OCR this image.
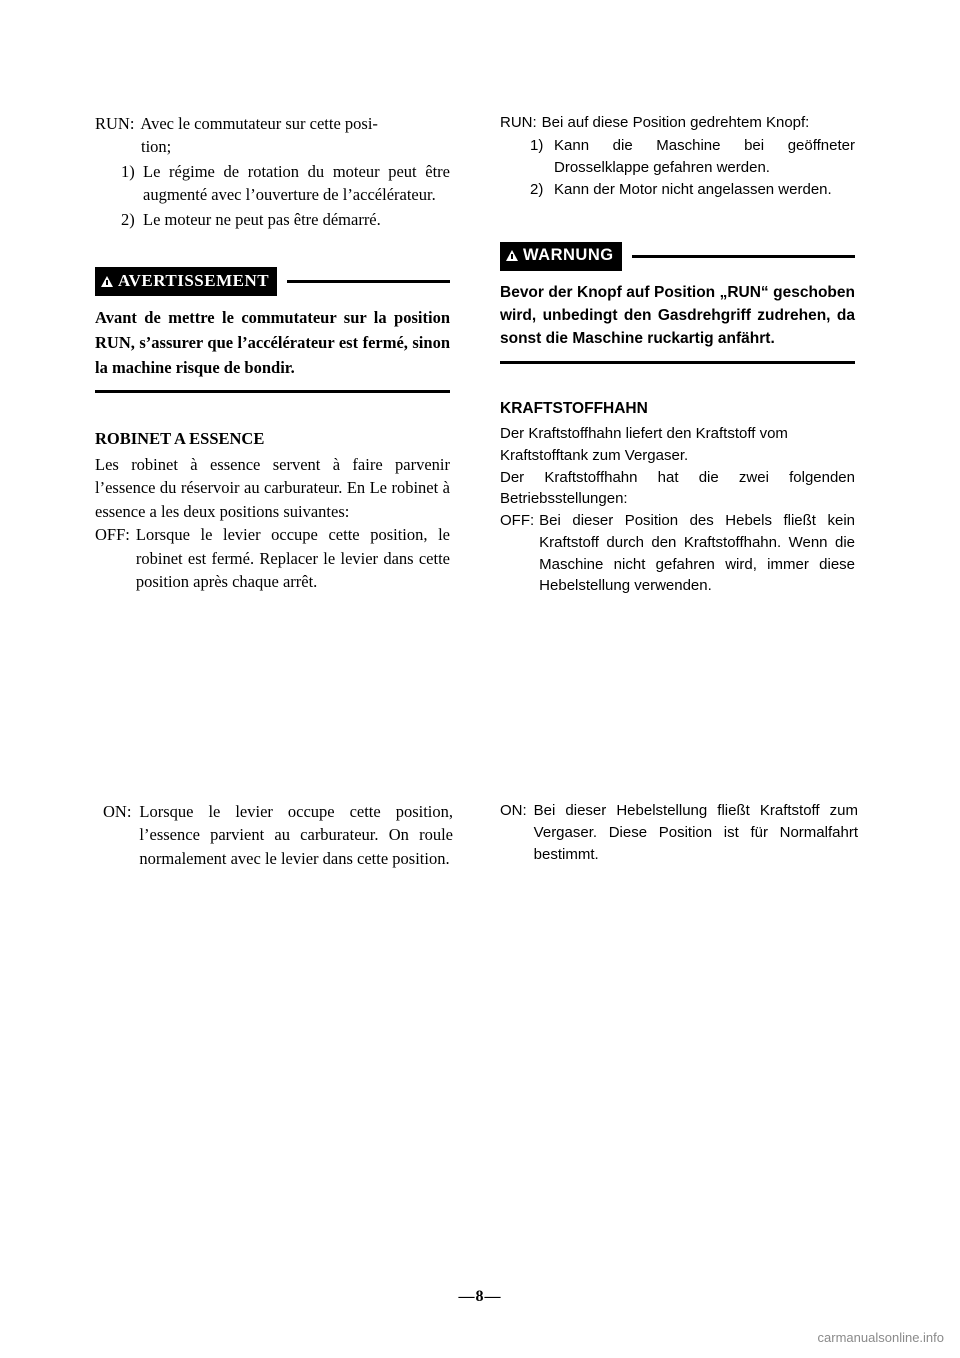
RUN: Avec le commutateur sur cette posi-
tion;
1) Le régime de rotation du moteur peut être augmenté avec l’ouverture de l’accélérateur.
2) Le moteur ne peut pas être démarré.
AVERTISSEMENT
Avant de mettre le commutateur sur la position RUN, s’assurer que l’accélérateur est fermé, sinon la machine risque de bondir.
ROBINET A ESSENCE
Les robinet à essence servent à faire parvenir l’essence du réservoir au carburateur. En Le robinet à essence a les deux positions suivantes:
OFF: Lorsque le levier occupe cette position, le robinet est fermé. Replacer le levier dans cette position après chaque arrêt.
RUN: Bei auf diese Position gedrehtem Knopf:
1) Kann die Maschine bei geöffneter Drosselklappe gefahren werden.
2) Kann der Motor nicht angelassen werden.
WARNUNG
Bevor der Knopf auf Position „RUN“ geschoben wird, unbedingt den Gasdrehgriff zudrehen, da sonst die Maschine ruckartig anfährt.
KRAFTSTOFFHAHN
Der Kraftstoffhahn liefert den Kraftstoff vom Kraftstofftank zum Vergaser.
Der Kraftstoffhahn hat die zwei folgenden Betriebsstellungen:
OFF: Bei dieser Position des Hebels fließt kein Kraftstoff durch den Kraftstoffhahn. Wenn die Maschine nicht gefahren wird, immer diese Hebelstellung verwenden.
ON: Lorsque le levier occupe cette position, l’essence parvient au carburateur. On roule normalement avec le levier dans cette position.
ON: Bei dieser Hebelstellung fließt Kraftstoff zum Vergaser. Diese Position ist für Normalfahrt bestimmt.
—8—
carmanualsonline.info
